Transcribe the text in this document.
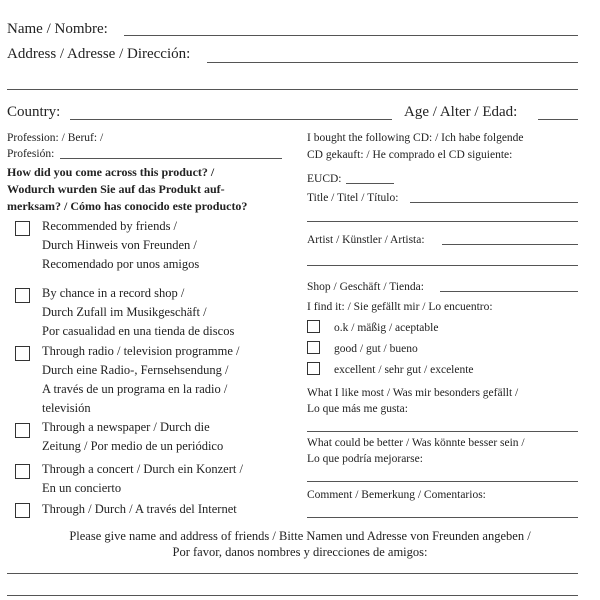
Name / Nombre:
Address / Adresse / Dirección:
Country:	Age / Alter / Edad:
Profession: / Beruf: /
Profesión:
How did you come across this product? /
Wodurch wurden Sie auf das Produkt auf-
merksam? / Cómo has conocido este producto?
Recommended by friends /
Durch Hinweis von Freunden /
Recomendado por unos amigos
By chance in a record shop /
Durch Zufall im Musikgeschäft /
Por casualidad en una tienda de discos
Through radio / television programme /
Durch eine Radio-, Fernsehsendung /
A través de un programa en la radio /
televisión
Through a newspaper / Durch die
Zeitung / Por medio de un periódico
Through a concert / Durch ein Konzert /
En un concierto
Through / Durch / A través del Internet
I bought the following CD: / Ich habe folgende
CD gekauft: / He comprado el CD siguiente:
EUCD:
Title / Titel / Título:
Artist / Künstler / Artista:
Shop / Geschäft / Tienda:
I find it: / Sie gefällt mir / Lo encuentro:
o.k / mäßig / aceptable
good / gut / bueno
excellent / sehr gut / excelente
What I like most / Was mir besonders gefällt /
Lo que más me gusta:
What could be better / Was könnte besser sein /
Lo que podría mejorarse:
Comment / Bemerkung / Comentarios:
Please give name and address of friends / Bitte Namen und Adresse von Freunden angeben /
Por favor, danos nombres y direcciones de amigos:
